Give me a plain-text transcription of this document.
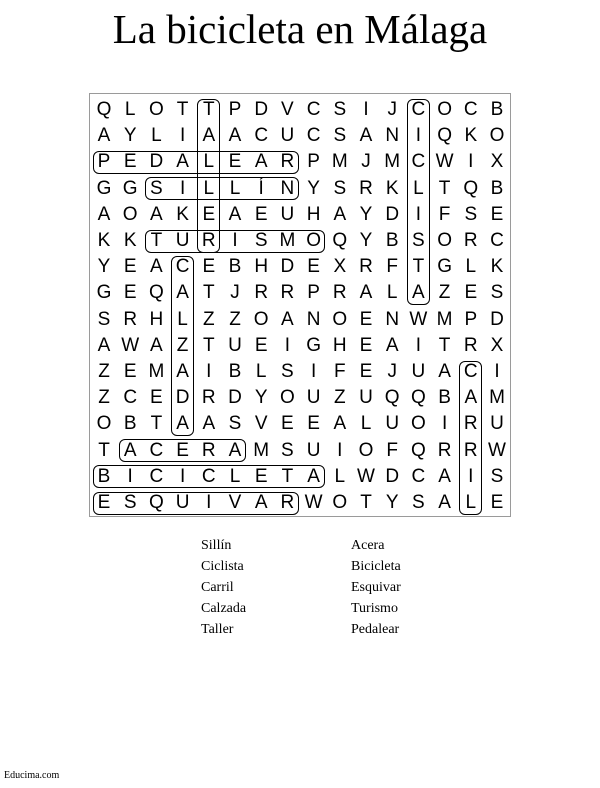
La bicicleta en Málaga
Q L O T T P D V C S I J C O C B
A Y L I A A C U C S A N I Q K O
P E D A L E A R P M J M C W I X
G G S I L L Í N Y S R K L T Q B
A O A K E A E U H A Y D I F S E
K K T U R I S M O Q Y B S O R C
Y E A C E B H D E X R F T G L K
G E Q A T J R R P R A L A Z E S
S R H L Z Z O A N O E N W M P D
A W A Z T U E I G H E A I T R X
Z E M A I B L S I F E J U A C I
Z C E D R D Y O U Z U Q Q B A M
O B T A A S V E E A L U O I R U
T A C E R A M S U I O F Q R R W
B I C I C L E T A L W D C A I S
E S Q U I V A R W O T Y S A L E
Sillín
Ciclista
Carril
Calzada
Taller
Acera
Bicicleta
Esquivar
Turismo
Pedalear
Educima.com
